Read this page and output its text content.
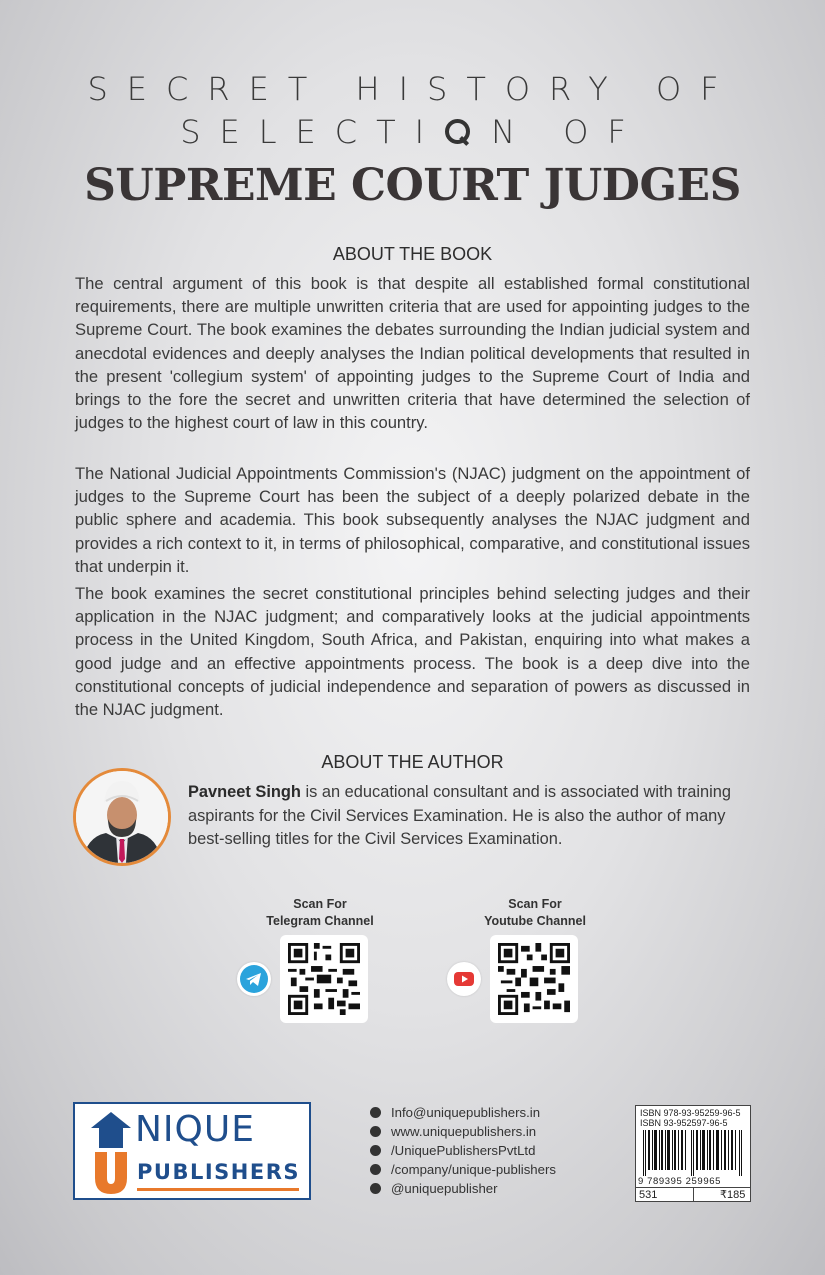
SECRET HISTORY OF
SELECTI N OF
SUPREME COURT JUDGES
ABOUT THE BOOK

The central argument of this book is that despite all established formal constitutional requirements, there are multiple unwritten criteria that are used for appointing judges to the Supreme Court. The book examines the debates surrounding the Indian judicial system and anecdotal evidences and deeply analyses the Indian political developments that resulted in the present 'collegium system' of appointing judges to the Supreme Court of India and brings to the fore the secret and unwritten criteria that have determined the selection of judges to the highest court of law in this country.

The National Judicial Appointments Commission's (NJAC) judgment on the appointment of judges to the Supreme Court has been the subject of a deeply polarized debate in the public sphere and academia. This book subsequently analyses the NJAC judgment and provides a rich context to it, in terms of philosophical, comparative, and constitutional issues that underpin it.

The book examines the secret constitutional principles behind selecting judges and their application in the NJAC judgment; and comparatively looks at the judicial appointments process in the United Kingdom, South Africa, and Pakistan, enquiring into what makes a good judge and an effective appointments process. The book is a deep dive into the constitutional concepts of judicial independence and separation of powers as discussed in the NJAC judgment.

ABOUT THE AUTHOR

Pavneet Singh is an educational consultant and is associated with training aspirants for the Civil Services Examination. He is also the author of many best-selling titles for the Civil Services Examination.

Scan For
Telegram Channel
Scan For
Youtube Channel
NIQUE
PUBLISHERS
Info@uniquepublishers.in
www.uniquepublishers.in
/UniquePublishersPvtLtd
/company/unique-publishers
@uniquepublisher
ISBN 978-93-95259-96-5
ISBN 93-952597-96-5
9 789395 259965
531	₹185
